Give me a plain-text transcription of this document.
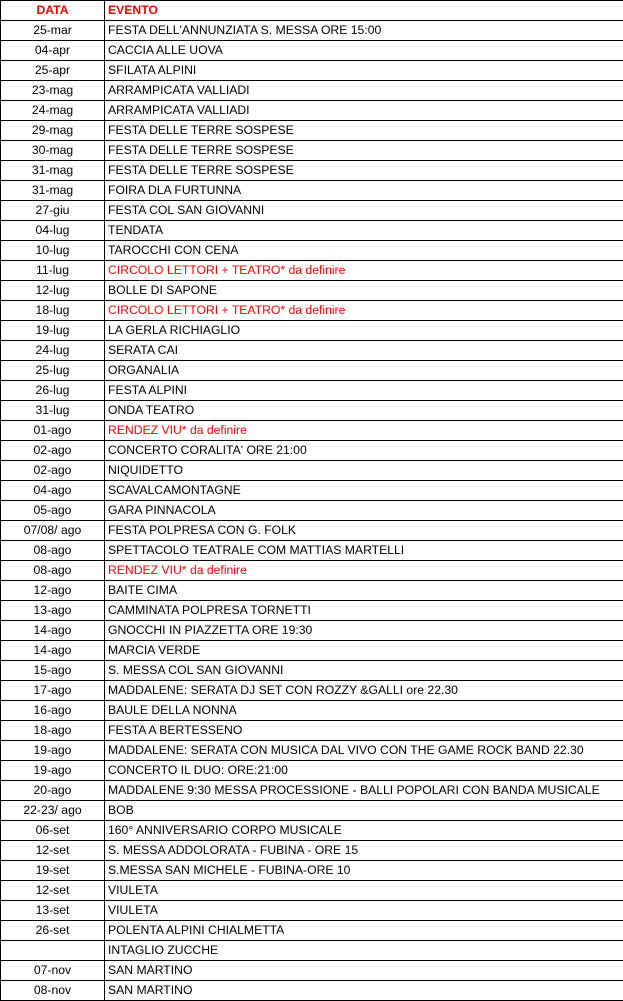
DATA	EVENTO
25-mar	FESTA DELL'ANNUNZIATA S. MESSA ORE 15:00
04-apr	CACCIA ALLE UOVA
25-apr	SFILATA ALPINI
23-mag	ARRAMPICATA VALLIADI
24-mag	ARRAMPICATA VALLIADI
29-mag	FESTA DELLE TERRE SOSPESE
30-mag	FESTA DELLE TERRE SOSPESE
31-mag	FESTA DELLE TERRE SOSPESE
31-mag	FOIRA DLA FURTUNNA
27-giu	FESTA COL SAN GIOVANNI
04-lug	TENDATA
10-lug	TAROCCHI CON CENA
11-lug	CIRCOLO LETTORI + TEATRO* da definire
12-lug	BOLLE DI SAPONE
18-lug	CIRCOLO LETTORI + TEATRO* da definire
19-lug	LA GERLA RICHIAGLIO
24-lug	SERATA CAI
25-lug	ORGANALIA
26-lug	FESTA ALPINI
31-lug	ONDA TEATRO
01-ago	RENDEZ VIU* da definire
02-ago	CONCERTO CORALITA' ORE 21:00
02-ago	NIQUIDETTO
04-ago	SCAVALCAMONTAGNE
05-ago	GARA PINNACOLA
07/08/ ago	FESTA POLPRESA CON G. FOLK
08-ago	SPETTACOLO TEATRALE COM MATTIAS MARTELLI
08-ago	RENDEZ VIU* da definire
12-ago	BAITE CIMA
13-ago	CAMMINATA POLPRESA TORNETTI
14-ago	GNOCCHI IN PIAZZETTA ORE 19:30
14-ago	MARCIA VERDE
15-ago	S. MESSA COL SAN GIOVANNI
17-ago	MADDALENE: SERATA DJ SET CON ROZZY &GALLI ore 22.30
16-ago	BAULE DELLA NONNA
18-ago	FESTA A BERTESSENO
19-ago	MADDALENE: SERATA CON MUSICA DAL VIVO CON THE GAME ROCK BAND 22.30
19-ago	CONCERTO IL DUO: ORE:21:00
20-ago	MADDALENE 9:30 MESSA PROCESSIONE - BALLI POPOLARI CON BANDA MUSICALE
22-23/ ago	BOB
06-set	160° ANNIVERSARIO CORPO MUSICALE
12-set	S. MESSA ADDOLORATA - FUBINA - ORE 15
19-set	S.MESSA SAN MICHELE - FUBINA-ORE 10
12-set	VIULETA
13-set	VIULETA
26-set	POLENTA ALPINI CHIALMETTA
	INTAGLIO ZUCCHE
07-nov	SAN MARTINO
08-nov	SAN MARTINO
